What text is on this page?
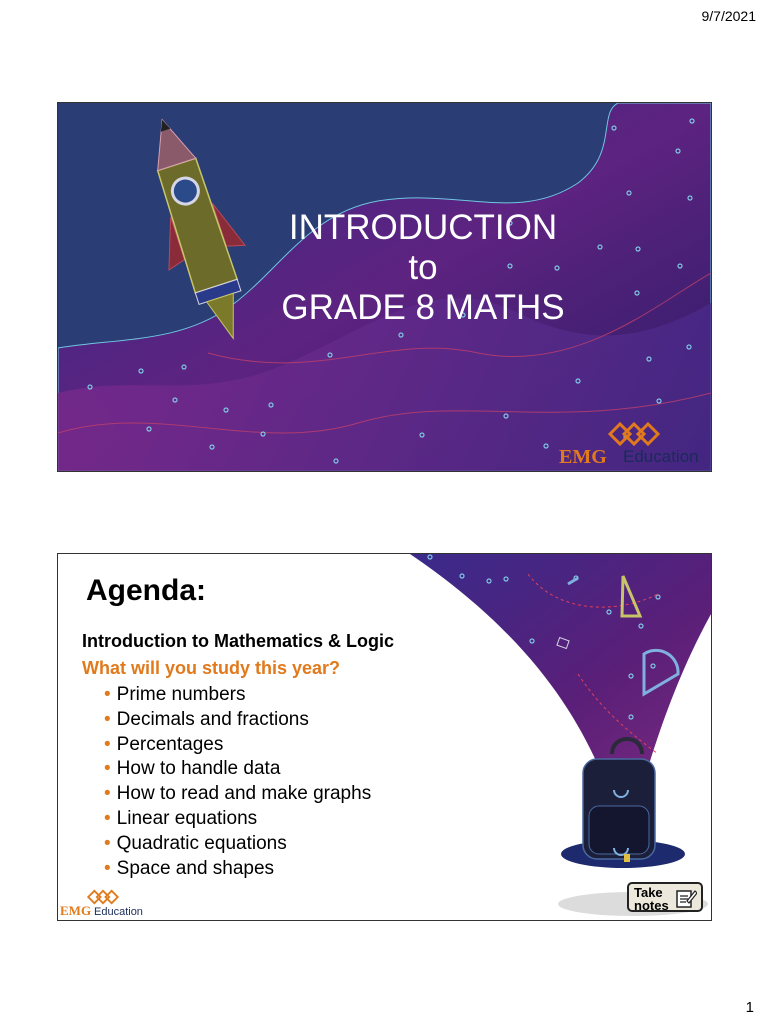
9/7/2021
INTRODUCTION
to
GRADE 8 MATHS
EMG Education
Agenda:
Introduction to Mathematics & Logic
What will you study this year?
• Prime numbers
• Decimals and fractions
• Percentages
• How to handle data
• How to read and make graphs
• Linear equations
• Quadratic equations
• Space and shapes
EMG Education
Take notes
1
